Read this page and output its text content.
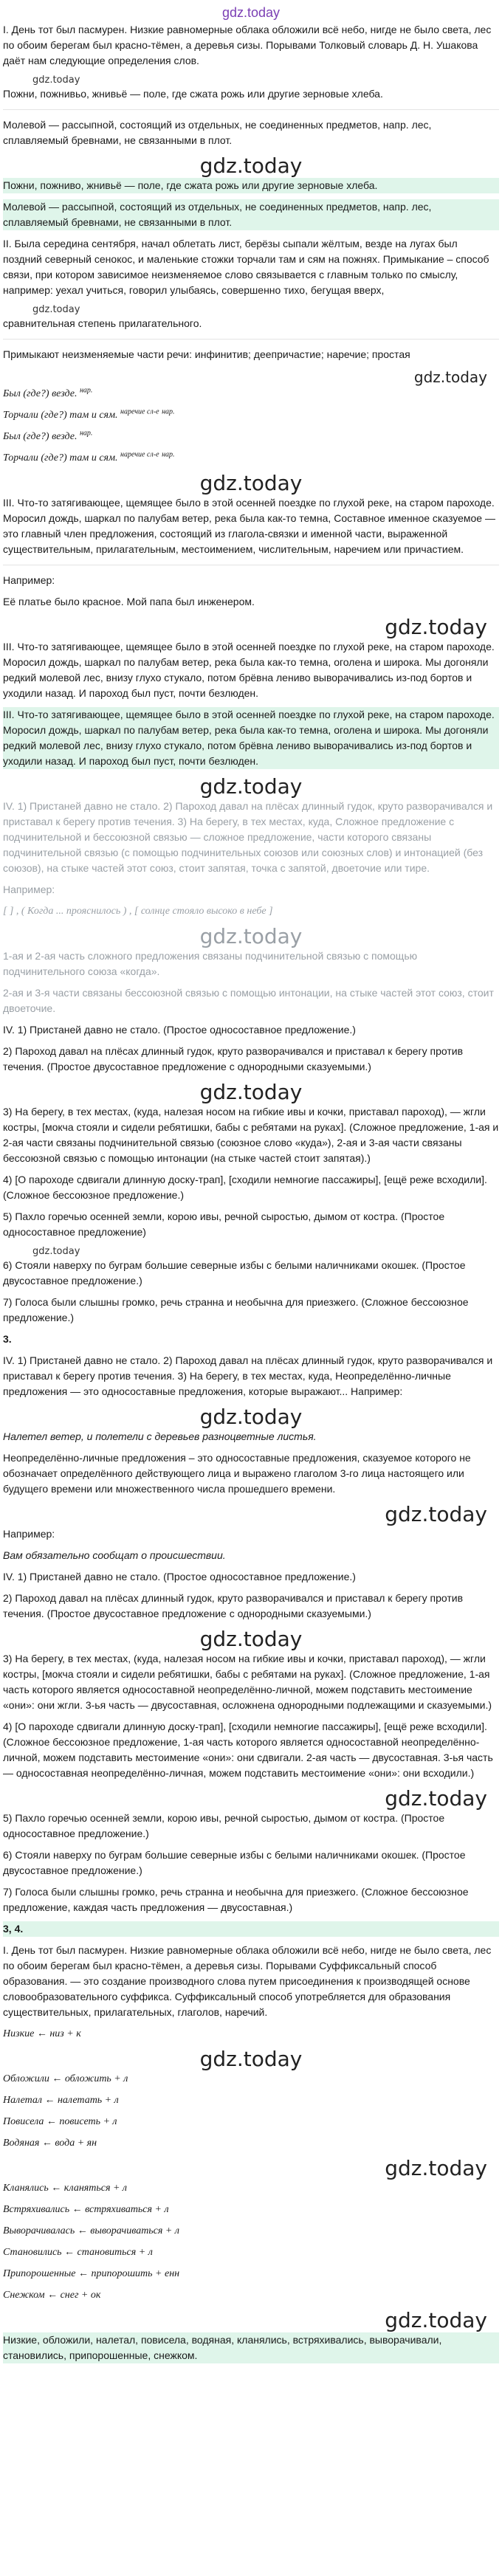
gdz.today

I. День тот был пасмурен. Низкие равномерные облака обложили всё небо, нигде не было света, лес по обоим берегам был красно-тёмен, а деревья сизы. Порывами Толковый словарь Д. Н. Ушакова даёт нам следующие определения слов.

gdz.today

Пожни, пожнивьо, жнивьё — поле, где сжата рожь или другие зерновые хлеба.

Молевой — рассыпной, состоящий из отдельных, не соединенных предметов, напр. лес, сплавляемый бревнами, не связанными в плот.

gdz.today

Пожни, пожниво, жнивьё — поле, где сжата рожь или другие зерновые хлеба.

Молевой — рассыпной, состоящий из отдельных, не соединенных предметов, напр. лес, сплавляемый бревнами, не связанными в плот.

II. Была середина сентября, начал облетать лист, берёзы сыпали жёлтым, везде на лугах был поздний северный сенокос, и маленькие стожки торчали там и сям на пожнях. Примыкание – способ связи, при котором зависимое неизменяемое слово связывается с главным только по смыслу, например: уехал учиться, говорил улыбаясь, совершенно тихо, бегущая вверх,

gdz.today

сравнительная степень прилагательного.

Примыкают неизменяемые части речи: инфинитив; деепричастие; наречие; простая

gdz.today

Был (где?) везде. $^{нар.}$

Торчали (где?) там и сям. $^{наречие сл-е}$ $^{нар.}$

Был (где?) везде. $^{нар.}$

Торчали (где?) там и сям. $^{наречие сл-е}$ $^{нар.}$

gdz.today

III. Что-то затягивающее, щемящее было в этой осенней поездке по глухой реке, на старом пароходе. Моросил дождь, шаркал по палубам ветер, река была как-то темна, Составное именное сказуемое — это главный член предложения, состоящий из глагола-связки и именной части, выраженной существительным, прилагательным, местоимением, числительным, наречием или причастием.

Например:

Её платье было красное. Мой папа был инженером.

gdz.today

III. Что-то затягивающее, щемящее было в этой осенней поездке по глухой реке, на старом пароходе. Моросил дождь, шаркал по палубам ветер, река была как-то темна, оголена и широка. Мы догоняли редкий молевой лес, внизу глухо стукало, потом брёвна лениво выворачивались из-под бортов и уходили назад. И пароход был пуст, почти безлюден.

III. Что-то затягивающее, щемящее было в этой осенней поездке по глухой реке, на старом пароходе. Моросил дождь, шаркал по палубам ветер, река была как-то темна, оголена и широка. Мы догоняли редкий молевой лес, внизу глухо стукало, потом брёвна лениво выворачивались из-под бортов и уходили назад. И пароход был пуст, почти безлюден.

gdz.today

IV. 1) Пристаней давно не стало. 2) Пароход давал на плёсах длинный гудок, круто разворачивался и приставал к берегу против течения. 3) На берегу, в тех местах, куда, Сложное предложение с подчинительной и бессоюзной связью — сложное предложение, части которого связаны подчинительной связью (с помощью подчинительных союзов или союзных слов) и интонацией (без союзов), на стыке частей этот союз, стоит запятая, точка с запятой, двоеточие или тире.

Например:

[ ] , ( Когда ... прояснилось ) , [ солнце стояло высоко в небе ]

gdz.today

1-ая и 2-ая часть сложного предложения связаны подчинительной связью с помощью подчинительного союза «когда».

2-ая и 3-я части связаны бессоюзной связью с помощью интонации, на стыке частей этот союз, стоит двоеточие.

IV. 1) Пристаней давно не стало. (Простое односоставное предложение.)

2) Пароход давал на плёсах длинный гудок, круто разворачивался и приставал к берегу против течения. (Простое двусоставное предложение с однородными сказуемыми.)

gdz.today

3) На берегу, в тех местах, (куда, налезая носом на гибкие ивы и кочки, приставал пароход), — жгли костры, [мокча стояли и сидели ребятишки, бабы с ребятами на руках]. (Сложное предложение, 1-ая и 2-ая части связаны подчинительной связью (союзное слово «куда»), 2-ая и 3-ая части связаны бессоюзной связью с помощью интонации (на стыке частей стоит запятая).)

4) [О пароходе сдвигали длинную доску-трап], [сходили немногие пассажиры], [ещё реже всходили]. (Сложное бессоюзное предложение.)

5) Пахло горечью осенней земли, корою ивы, речной сыростью, дымом от костра. (Простое односоставное предложение)

gdz.today

6) Стояли наверху по буграм большие северные избы с белыми наличниками окошек. (Простое двусоставное предложение.)

7) Голоса были слышны громко, речь странна и необычна для приезжего. (Сложное бессоюзное предложение.)

3.

IV. 1) Пристаней давно не стало. 2) Пароход давал на плёсах длинный гудок, круто разворачивался и приставал к берегу против течения. 3) На берегу, в тех местах, куда, Неопределённо-личные предложения — это односоставные предложения, которые выражают... Например:

gdz.today

Налетел ветер, и полетели с деревьев разноцветные листья.

Неопределённо-личные предложения – это односоставные предложения, сказуемое которого не обозначает определённого действующего лица и выражено глаголом 3-го лица настоящего или будущего времени или множественного числа прошедшего времени.

gdz.today

Например:

Вам обязательно сообщат о происшествии.

IV. 1) Пристаней давно не стало. (Простое односоставное предложение.)

2) Пароход давал на плёсах длинный гудок, круто разворачивался и приставал к берегу против течения. (Простое двусоставное предложение с однородными сказуемыми.)

gdz.today

3) На берегу, в тех местах, (куда, налезая носом на гибкие ивы и кочки, приставал пароход), — жгли костры, [мокча стояли и сидели ребятишки, бабы с ребятами на руках]. (Сложное предложение, 1-ая часть которого является односоставной неопределённо-личной, можем подставить местоимение «они»: они жгли. 3-ья часть — двусоставная, осложнена однородными подлежащими и сказуемыми.)

4) [О пароходе сдвигали длинную доску-трап], [сходили немногие пассажиры], [ещё реже всходили]. (Сложное бессоюзное предложение, 1-ая часть которого является односоставной неопределённо-личной, можем подставить местоимение «они»: они сдвигали. 2-ая часть — двусоставная. 3-ья часть — односоставная неопределённо-личная, можем подставить местоимение «они»: они всходили.)

gdz.today

5) Пахло горечью осенней земли, корою ивы, речной сыростью, дымом от костра. (Простое односоставное предложение.)

6) Стояли наверху по буграм большие северные избы с белыми наличниками окошек. (Простое двусоставное предложение.)

7) Голоса были слышны громко, речь странна и необычна для приезжего. (Сложное бессоюзное предложение, каждая часть предложения — двусоставная.)

3, 4.

I. День тот был пасмурен. Низкие равномерные облака обложили всё небо, нигде не было света, лес по обоим берегам был красно-тёмен, а деревья сизы. Порывами Суффиксальный способ образования. — это создание производного слова путем присоединения к производящей основе словообразовательного суффикса. Суффиксальный способ употребляется для образования существительных, прилагательных, глаголов, наречий.

Низкие ← низ + к

gdz.today

Обложили ← обложить + л

Налетал ← налетать + л

Повисела ← повисеть + л

Водяная ← вода + ян

gdz.today

Кланялись ← кланяться + л

Встряхивались ← встряхиваться + л

Выворачивалась ← выворачиваться + л

Становились ← становиться + л

Припорошенные ← припорошить + енн

Снежком ← снег + ок

gdz.today

Низкие, обложили, налетал, повисела, водяная, кланялись, встряхивались, выворачивали, становились, припорошенные, снежком.
